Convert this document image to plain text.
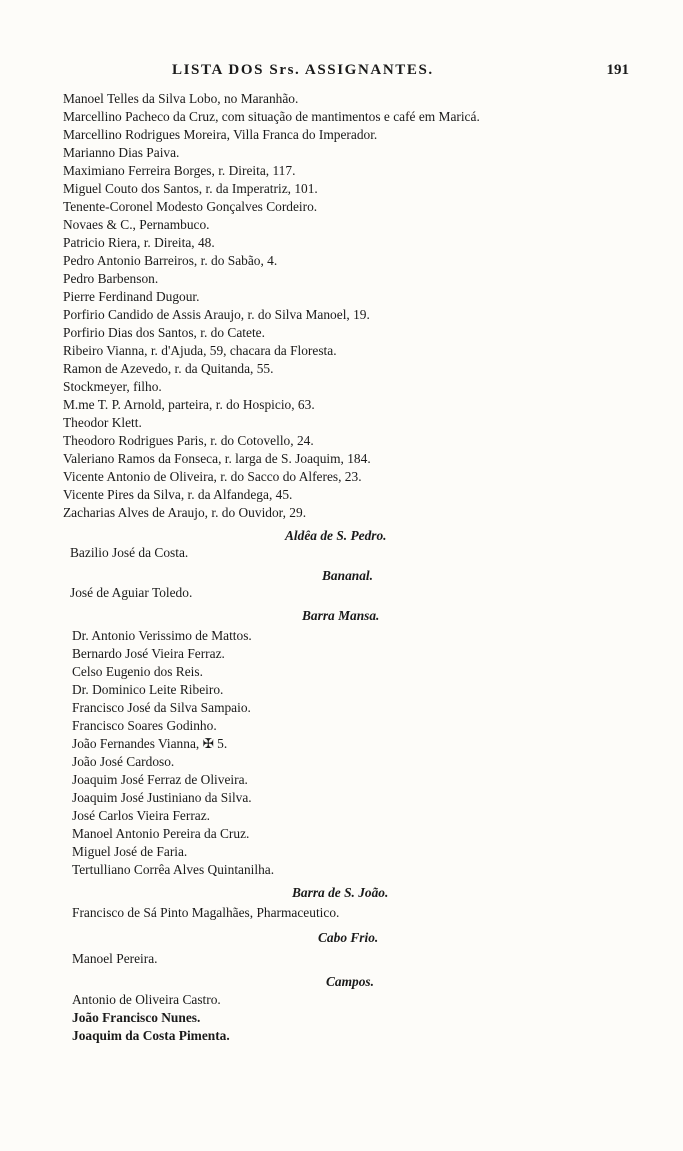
LISTA DOS Srs. ASSIGNANTES.	191
Manoel Telles da Silva Lobo, no Maranhão.
Marcellino Pacheco da Cruz, com situação de mantimentos e café em Maricá.
Marcellino Rodrigues Moreira, Villa Franca do Imperador.
Marianno Dias Paiva.
Maximiano Ferreira Borges, r. Direita, 117.
Miguel Couto dos Santos, r. da Imperatriz, 101.
Tenente-Coronel Modesto Gonçalves Cordeiro.
Novaes & C., Pernambuco.
Patricio Riera, r. Direita, 48.
Pedro Antonio Barreiros, r. do Sabão, 4.
Pedro Barbenson.
Pierre Ferdinand Dugour.
Porfirio Candido de Assis Araujo, r. do Silva Manoel, 19.
Porfirio Dias dos Santos, r. do Catete.
Ribeiro Vianna, r. d'Ajuda, 59, chacara da Floresta.
Ramon de Azevedo, r. da Quitanda, 55.
Stockmeyer, filho.
M.me T. P. Arnold, parteira, r. do Hospicio, 63.
Theodor Klett.
Theodoro Rodrigues Paris, r. do Cotovello, 24.
Valeriano Ramos da Fonseca, r. larga de S. Joaquim, 184.
Vicente Antonio de Oliveira, r. do Sacco do Alferes, 23.
Vicente Pires da Silva, r. da Alfandega, 45.
Zacharias Alves de Araujo, r. do Ouvidor, 29.
Aldêa de S. Pedro.
Bazilio José da Costa.
Bananal.
José de Aguiar Toledo.
Barra Mansa.
Dr. Antonio Verissimo de Mattos.
Bernardo José Vieira Ferraz.
Celso Eugenio dos Reis.
Dr. Dominico Leite Ribeiro.
Francisco José da Silva Sampaio.
Francisco Soares Godinho.
João Fernandes Vianna, ✠ 5.
João José Cardoso.
Joaquim José Ferraz de Oliveira.
Joaquim José Justiniano da Silva.
José Carlos Vieira Ferraz.
Manoel Antonio Pereira da Cruz.
Miguel José de Faria.
Tertulliano Corrêa Alves Quintanilha.
Barra de S. João.
Francisco de Sá Pinto Magalhães, Pharmaceutico.
Cabo Frio.
Manoel Pereira.
Campos.
Antonio de Oliveira Castro.
João Francisco Nunes.
Joaquim da Costa Pimenta.
